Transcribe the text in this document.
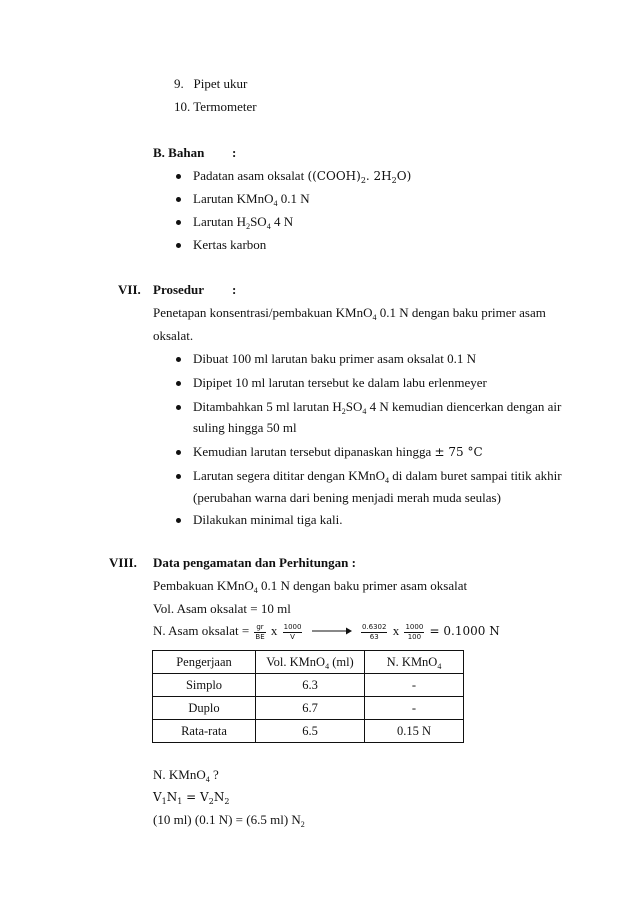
9. Pipet ukur
10. Termometer
B. Bahan :
Padatan asam oksalat ($(COOH)_2$. $2H_2O$)
Larutan KMnO$_4$ 0.1 N
Larutan $H_2SO_4$ 4 N
Kertas karbon
VII. Prosedur :
Penetapan konsentrasi/pembakuan KMnO$_4$ 0.1 N dengan baku primer asam
oksalat.
Dibuat 100 ml larutan baku primer asam oksalat 0.1 N
Dipipet 10 ml larutan tersebut ke dalam labu erlenmeyer
Ditambahkan 5 ml larutan $H_2SO_4$ 4 N kemudian diencerkan dengan air
suling hingga 50 ml
Kemudian larutan tersebut dipanaskan hingga ± 75 °C
Larutan segera dititar dengan KMnO$_4$ di dalam buret sampai titik akhir
(perubahan warna dari bening menjadi merah muda seulas)
Dilakukan minimal tiga kali.
VIII. Data pengamatan dan Perhitungan :
Pembakuan KMnO$_4$ 0.1 N dengan baku primer asam oksalat
Vol. Asam oksalat = 10 ml
N. Asam oksalat = $\frac{gr}{BE}$ x $\frac{1000}{V}$
	$\frac{0.6302}{63}$ x $\frac{1000}{100} = 0.1000$ N
Pengerjaan	Vol. KMnO$_4$ (ml)	N. KMnO$_4$
Simplo	6.3	-
Duplo	6.7	-
Rata-rata	6.5	0.15 N
N. KMnO$_4$ ?
$V_1N_1 = V_2N_2$
(10 ml) (0.1 N) = (6.5 ml) $N_2$
